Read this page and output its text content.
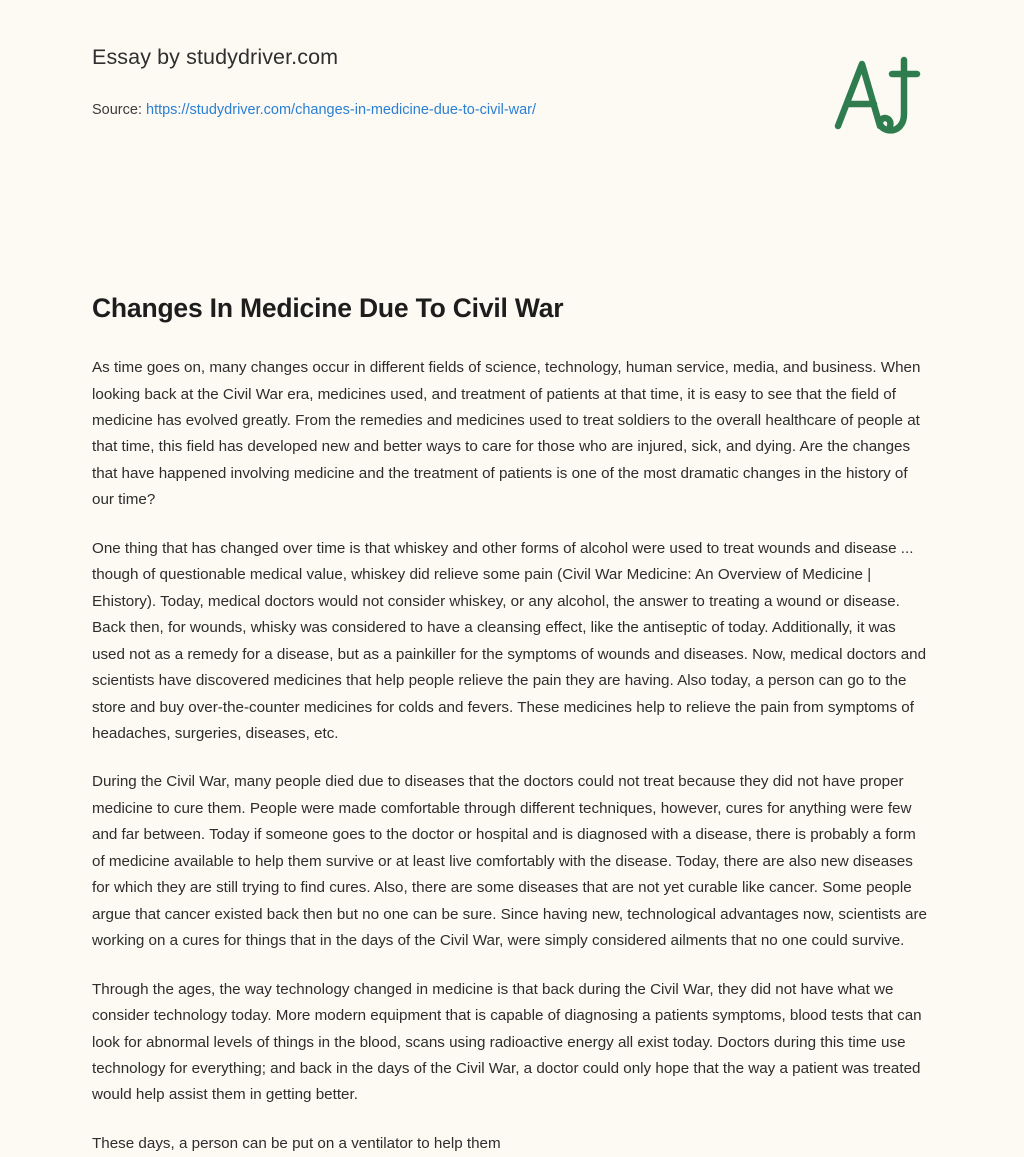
Essay by studydriver.com
Source: https://studydriver.com/changes-in-medicine-due-to-civil-war/
Changes In Medicine Due To Civil War

As time goes on, many changes occur in different fields of science, technology, human service, media, and business. When looking back at the Civil War era, medicines used, and treatment of patients at that time, it is easy to see that the field of medicine has evolved greatly. From the remedies and medicines used to treat soldiers to the overall healthcare of people at that time, this field has developed new and better ways to care for those who are injured, sick, and dying. Are the changes that have happened involving medicine and the treatment of patients is one of the most dramatic changes in the history of our time?

One thing that has changed over time is that whiskey and other forms of alcohol were used to treat wounds and disease ... though of questionable medical value, whiskey did relieve some pain (Civil War Medicine: An Overview of Medicine | Ehistory). Today, medical doctors would not consider whiskey, or any alcohol, the answer to treating a wound or disease. Back then, for wounds, whisky was considered to have a cleansing effect, like the antiseptic of today. Additionally, it was used not as a remedy for a disease, but as a painkiller for the symptoms of wounds and diseases. Now, medical doctors and scientists have discovered medicines that help people relieve the pain they are having. Also today, a person can go to the store and buy over-the-counter medicines for colds and fevers. These medicines help to relieve the pain from symptoms of headaches, surgeries, diseases, etc.

During the Civil War, many people died due to diseases that the doctors could not treat because they did not have proper medicine to cure them. People were made comfortable through different techniques, however, cures for anything were few and far between. Today if someone goes to the doctor or hospital and is diagnosed with a disease, there is probably a form of medicine available to help them survive or at least live comfortably with the disease. Today, there are also new diseases for which they are still trying to find cures. Also, there are some diseases that are not yet curable like cancer. Some people argue that cancer existed back then but no one can be sure. Since having new, technological advantages now, scientists are working on a cures for things that in the days of the Civil War, were simply considered ailments that no one could survive.

Through the ages, the way technology changed in medicine is that back during the Civil War, they did not have what we consider technology today. More modern equipment that is capable of diagnosing a patients symptoms, blood tests that can look for abnormal levels of things in the blood, scans using radioactive energy all exist today. Doctors during this time use technology for everything; and back in the days of the Civil War, a doctor could only hope that the way a patient was treated would help assist them in getting better.

These days, a person can be put on a ventilator to help them
